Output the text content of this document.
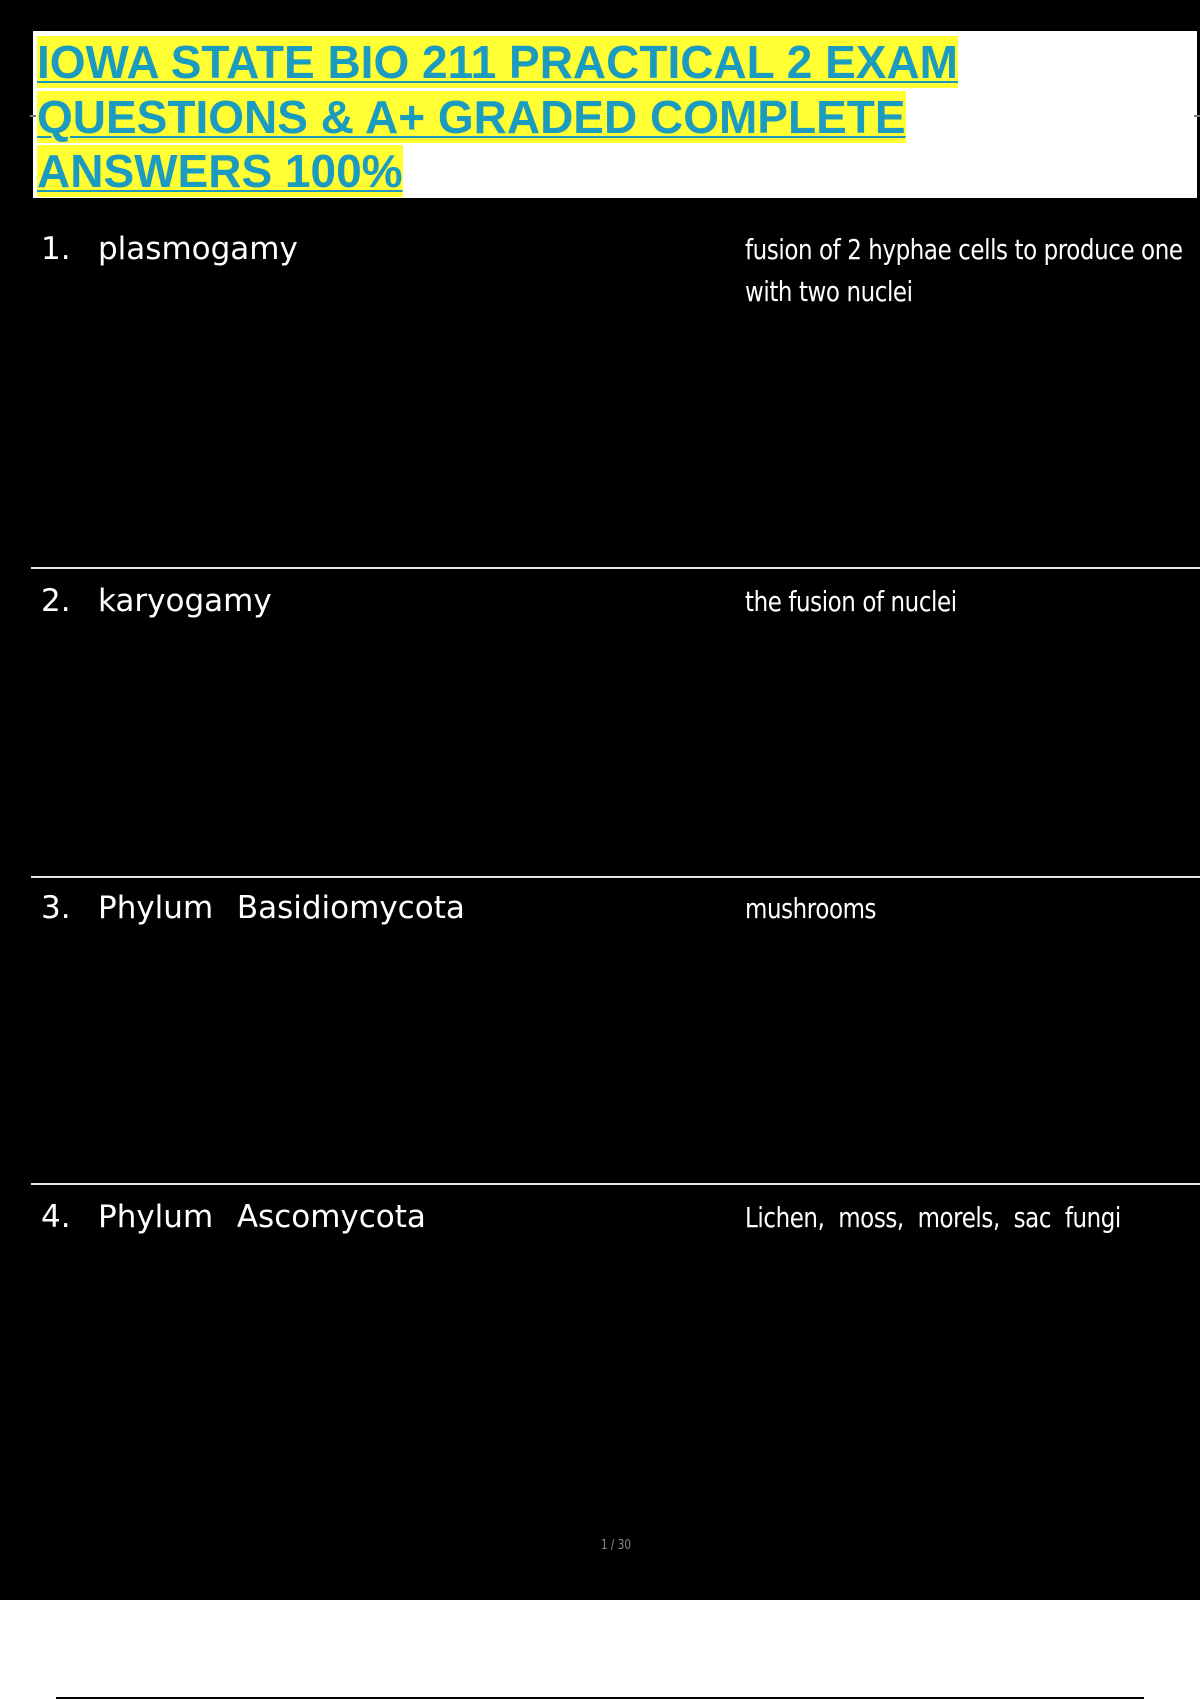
IOWA STATE BIO 211 PRACTICAL 2 EXAM QUESTIONS & A+ GRADED COMPLETE ANSWERS 100%
1. plasmogamy	fusion of 2 hyphae cells to produce one with two nuclei
2. karyogamy	the fusion of nuclei
3. Phylum  Basidiomycota	mushrooms
4. Phylum  Ascomycota	Lichen,  moss,  morels,  sac  fungi
1 / 30
